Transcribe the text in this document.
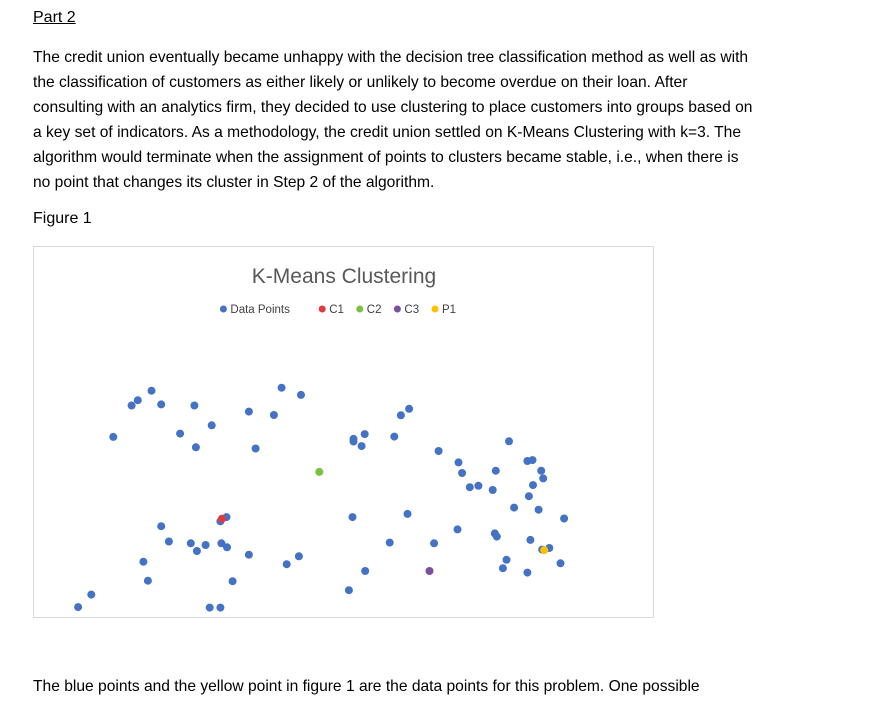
Part 2
The credit union eventually became unhappy with the decision tree classification method as well as with
the classification of customers as either likely or unlikely to become overdue on their loan. After
consulting with an analytics firm, they decided to use clustering to place customers into groups based on
a key set of indicators. As a methodology, the credit union settled on K-Means Clustering with k=3. The
algorithm would terminate when the assignment of points to clusters became stable, i.e., when there is
no point that changes its cluster in Step 2 of the algorithm.
Figure 1
K-Means Clustering
Data Points	C1 C2 C3 P1
The blue points and the yellow point in figure 1 are the data points for this problem. One possible
